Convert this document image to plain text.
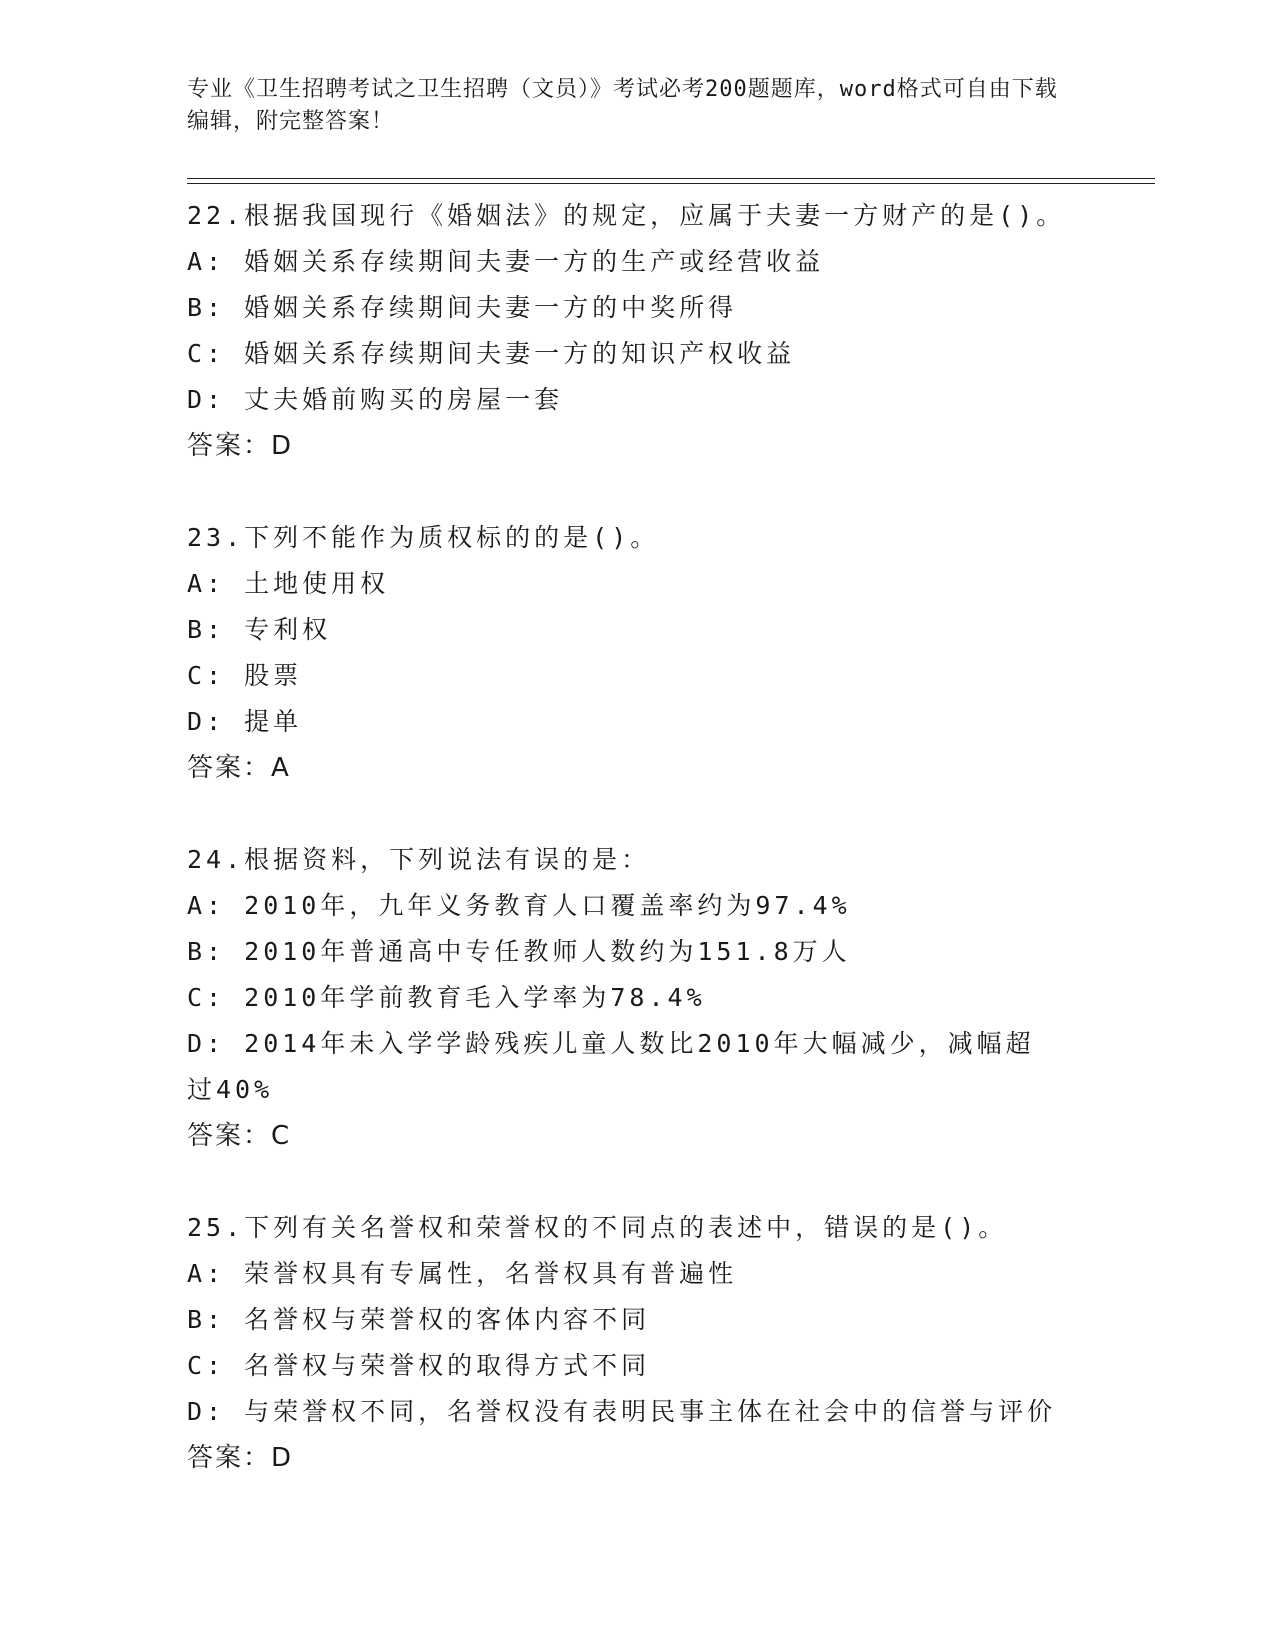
专业《卫生招聘考试之卫生招聘（文员）》考试必考200题题库，word格式可自由下载编辑，附完整答案！
22.根据我国现行《婚姻法》的规定，应属于夫妻一方财产的是()。
A: 婚姻关系存续期间夫妻一方的生产或经营收益
B: 婚姻关系存续期间夫妻一方的中奖所得
C: 婚姻关系存续期间夫妻一方的知识产权收益
D: 丈夫婚前购买的房屋一套
答案：D
23.下列不能作为质权标的的是()。
A: 土地使用权
B: 专利权
C: 股票
D: 提单
答案：A
24.根据资料，下列说法有误的是：
A: 2010年，九年义务教育人口覆盖率约为97.4%
B: 2010年普通高中专任教师人数约为151.8万人
C: 2010年学前教育毛入学率为78.4%
D: 2014年未入学学龄残疾儿童人数比2010年大幅减少，减幅超过40%
答案：C
25.下列有关名誉权和荣誉权的不同点的表述中，错误的是()。
A: 荣誉权具有专属性，名誉权具有普遍性
B: 名誉权与荣誉权的客体内容不同
C: 名誉权与荣誉权的取得方式不同
D: 与荣誉权不同，名誉权没有表明民事主体在社会中的信誉与评价
答案：D
